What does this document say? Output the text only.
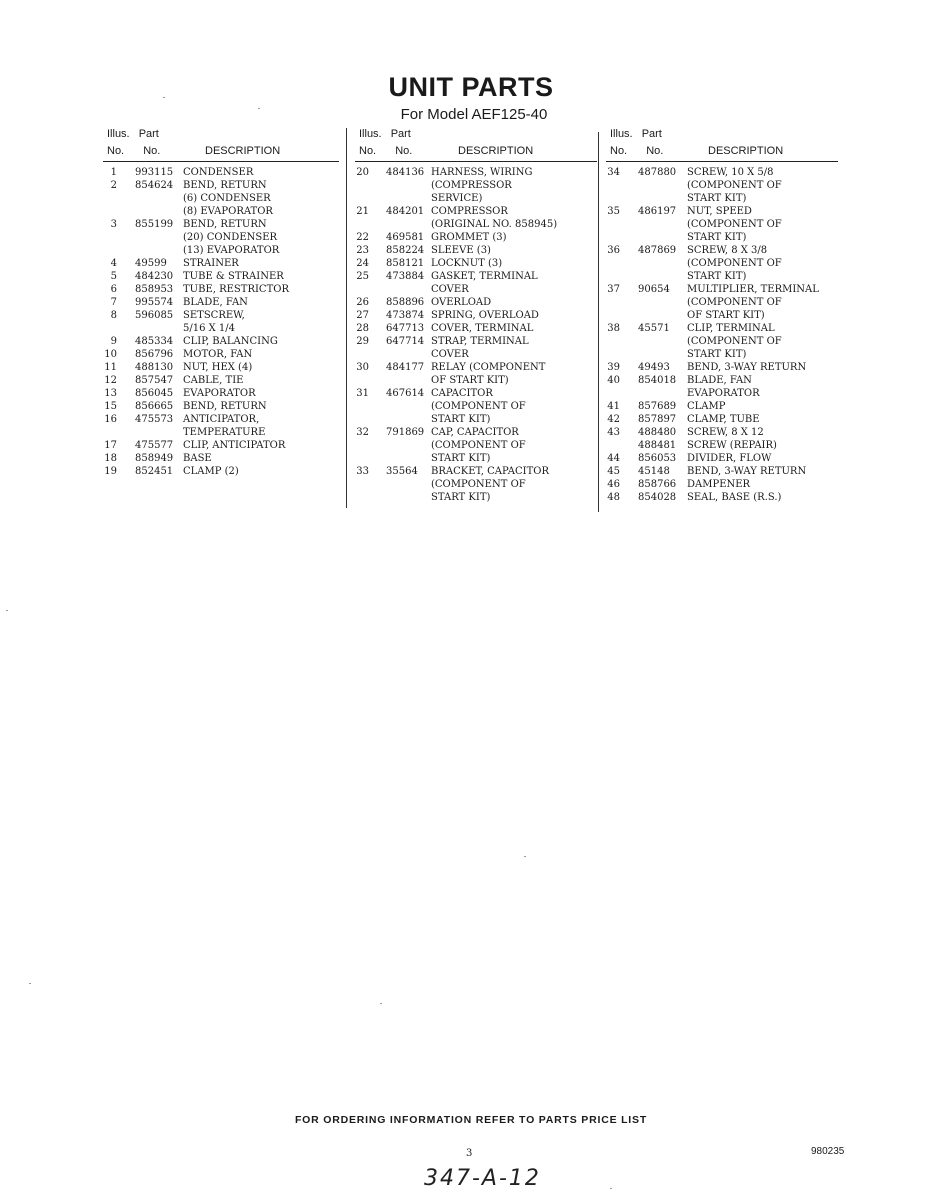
UNIT PARTS
For Model AEF125-40
Illus. Part
No. No.	DESCRIPTION
1 993115 CONDENSER
2 854624 BEND, RETURN
(6) CONDENSER
(8) EVAPORATOR
3 855199 BEND, RETURN
(20) CONDENSER
(13) EVAPORATOR
4 49599 STRAINER
5 484230 TUBE & STRAINER
6 858953 TUBE, RESTRICTOR
7 995574 BLADE, FAN
8 596085 SETSCREW,
5/16 X 1/4
9 485334 CLIP, BALANCING
10 856796 MOTOR, FAN
11 488130 NUT, HEX (4)
12 857547 CABLE, TIE
13 856045 EVAPORATOR
15 856665 BEND, RETURN
16 475573 ANTICIPATOR,
TEMPERATURE
17 475577 CLIP, ANTICIPATOR
18 858949 BASE
19 852451 CLAMP (2)
Illus. Part
No. No.	DESCRIPTION
20 484136 HARNESS, WIRING
(COMPRESSOR
SERVICE)
21 484201 COMPRESSOR
(ORIGINAL NO. 858945)
22 469581 GROMMET (3)
23 858224 SLEEVE (3)
24 858121 LOCKNUT (3)
25 473884 GASKET, TERMINAL
COVER
26 858896 OVERLOAD
27 473874 SPRING, OVERLOAD
28 647713 COVER, TERMINAL
29 647714 STRAP, TERMINAL
COVER
30 484177 RELAY (COMPONENT
OF START KIT)
31 467614 CAPACITOR
(COMPONENT OF
START KIT)
32 791869 CAP, CAPACITOR
(COMPONENT OF
START KIT)
33 35564 BRACKET, CAPACITOR
(COMPONENT OF
START KIT)
Illus. Part
No. No.	DESCRIPTION
34 487880 SCREW, 10 X 5/8
(COMPONENT OF
START KIT)
35 486197 NUT, SPEED
(COMPONENT OF
START KIT)
36 487869 SCREW, 8 X 3/8
(COMPONENT OF
START KIT)
37 90654 MULTIPLIER, TERMINAL
(COMPONENT OF
OF START KIT)
38 45571 CLIP, TERMINAL
(COMPONENT OF
START KIT)
39 49493 BEND, 3-WAY RETURN
40 854018 BLADE, FAN
EVAPORATOR
41 857689 CLAMP
42 857897 CLAMP, TUBE
43 488480 SCREW, 8 X 12
488481 SCREW (REPAIR)
44 856053 DIVIDER, FLOW
45 45148 BEND, 3-WAY RETURN
46 858766 DAMPENER
48 854028 SEAL, BASE (R.S.)
FOR ORDERING INFORMATION REFER TO PARTS PRICE LIST
3	980235
347-A-12
